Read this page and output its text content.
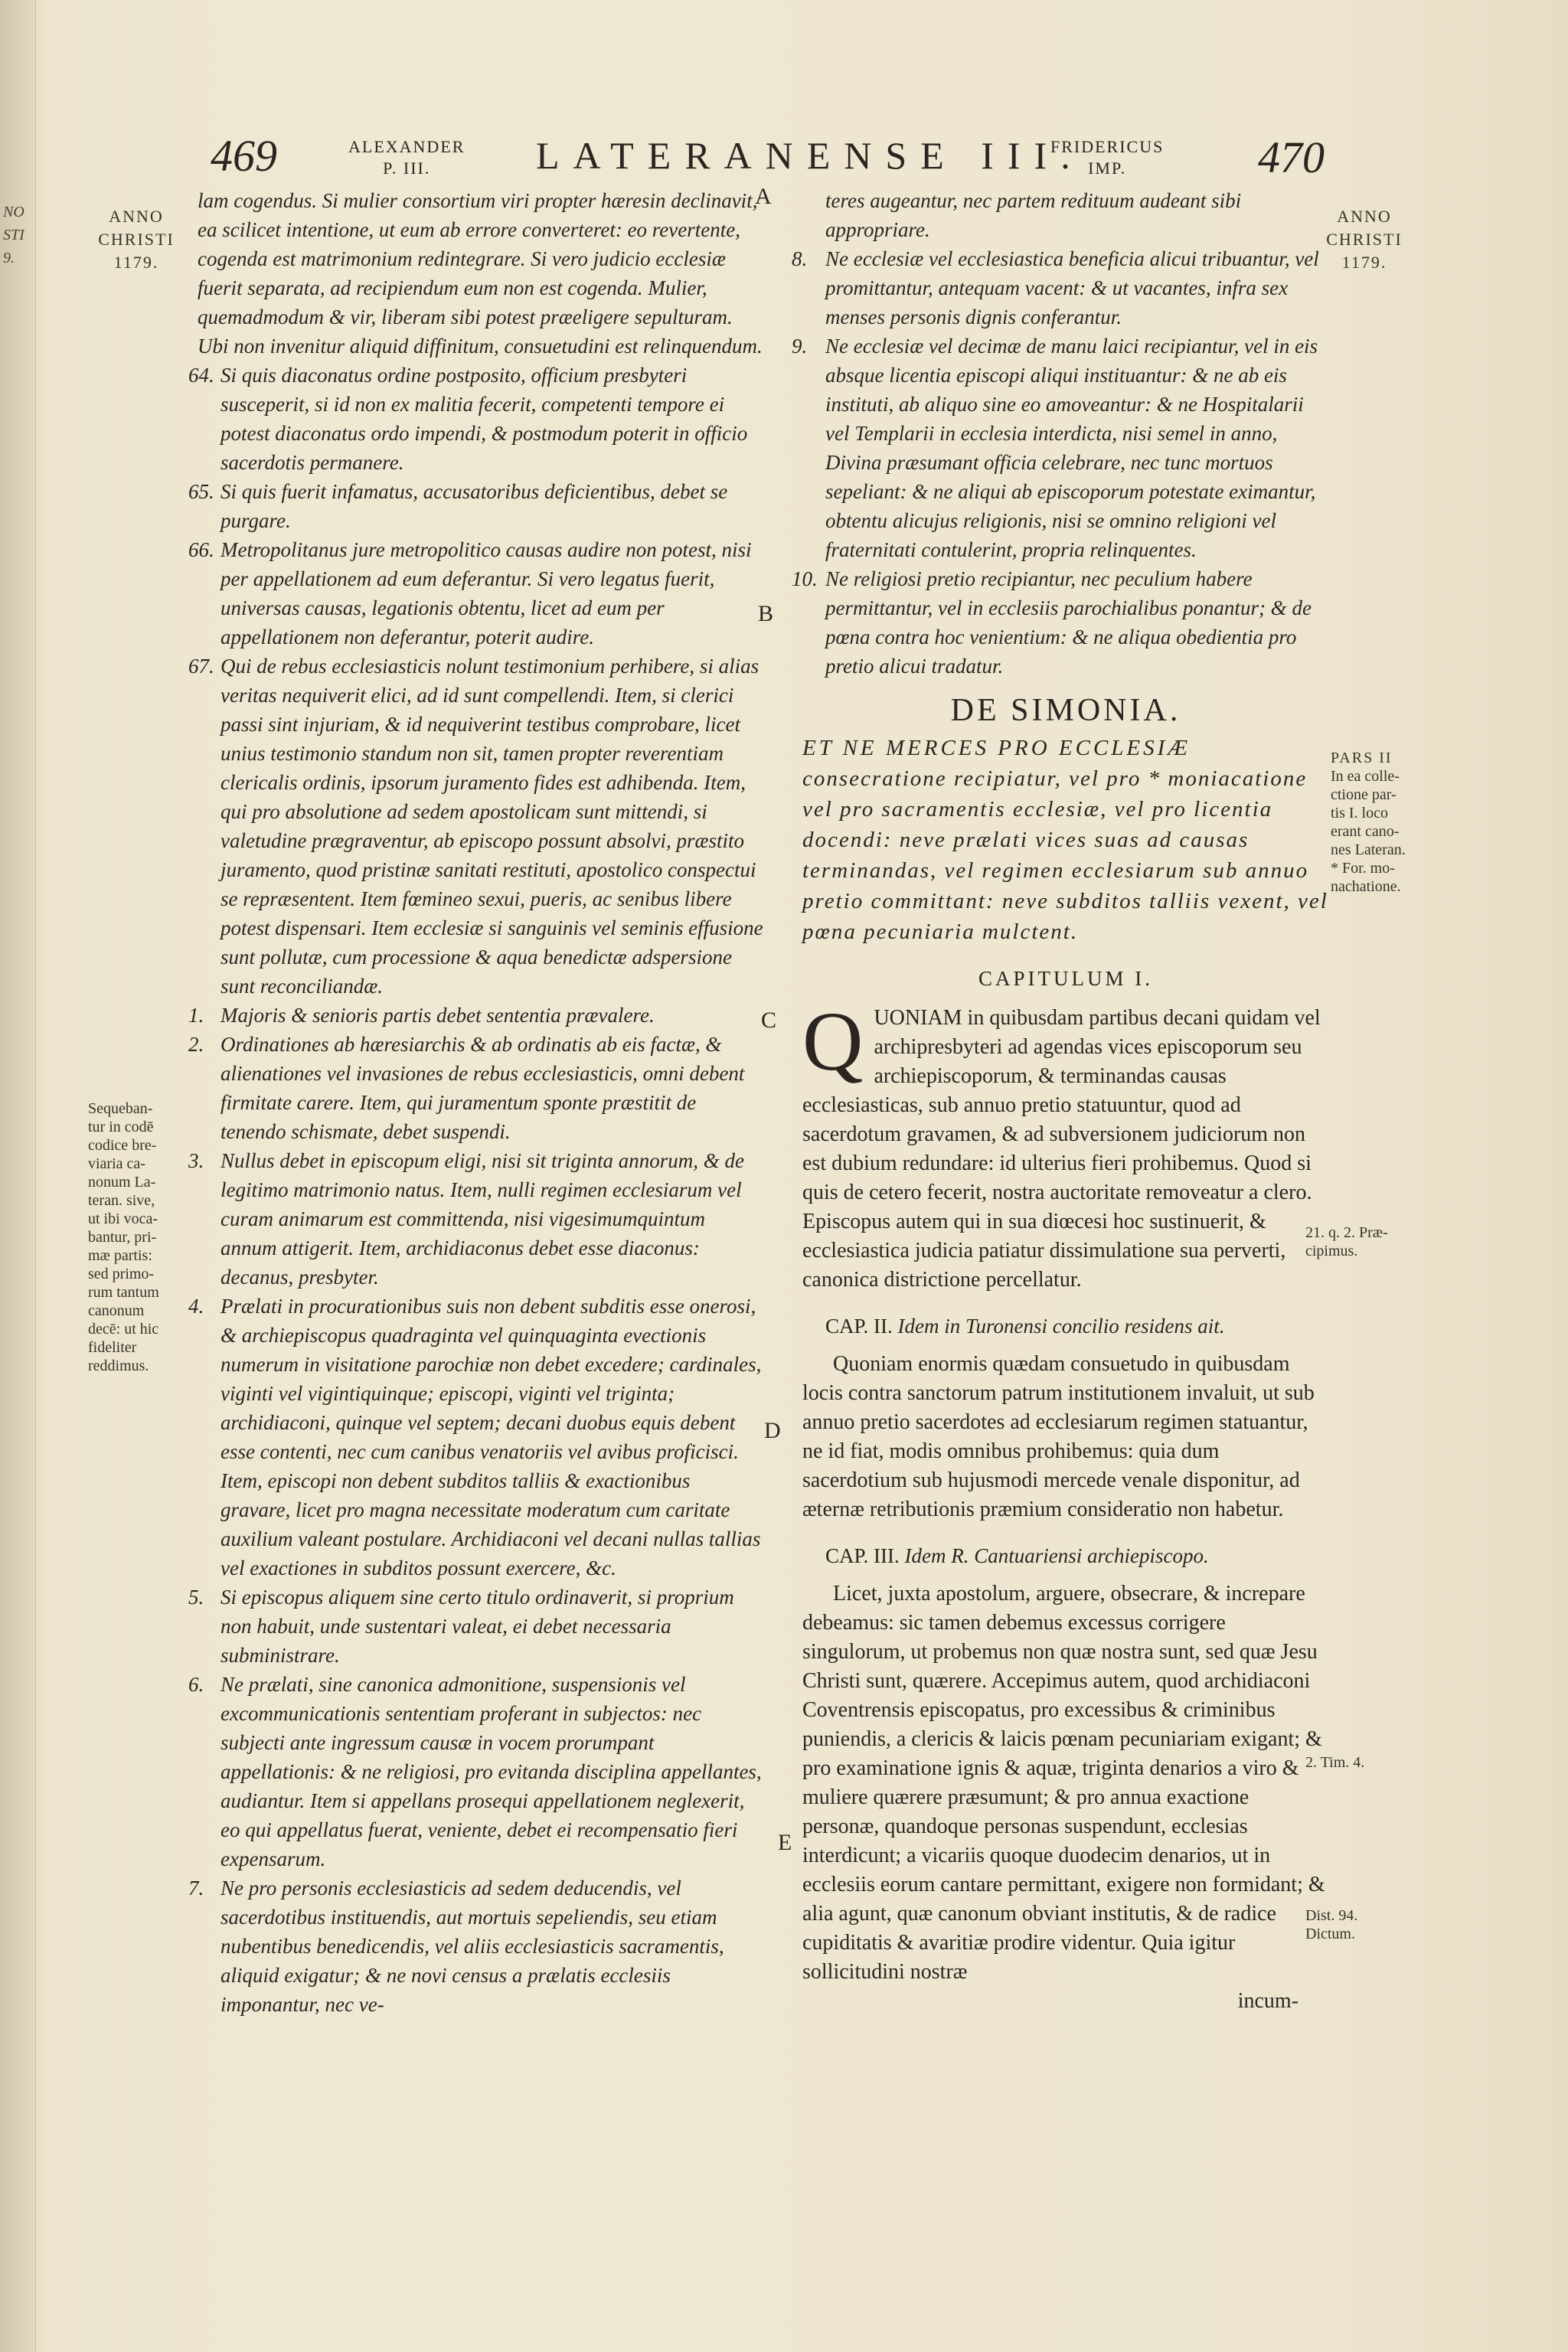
NO
STI
9.
469	ALEXANDER
P. III.	LATERANENSE III.
FRIDERICUS
IMP.	470
ANNO
CHRISTI
1179.
ANNO
CHRISTI
1179.
Sequeban-
tur in codē
codice bre-
viaria ca-
nonum La-
teran. sive,
ut ibi voca-
bantur, pri-
mæ partis:
sed primo-
rum tantum
canonum
decē: ut hic
fideliter
reddimus.
PARS II
In ea colle-
ctione par-
tis I. loco
erant cano-
nes Lateran.
* For. mo-
nachatione.
21. q. 2. Præ-cipimus.
2. Tim. 4.
Dist. 94. Dictum.
A
B
C
D
E

lam cogendus. Si mulier consortium viri propter hæresin declinavit, ea scilicet intentione, ut eum ab errore converteret: eo revertente, cogenda est matrimonium redintegrare. Si vero judicio ecclesiæ fuerit separata, ad recipiendum eum non est cogenda. Mulier, quemadmodum & vir, liberam sibi potest præeligere sepulturam. Ubi non invenitur aliquid diffinitum, consuetudini est relinquendum.

64. Si quis diaconatus ordine postposito, officium presbyteri susceperit, si id non ex malitia fecerit, competenti tempore ei potest diaconatus ordo impendi, & postmodum poterit in officio sacerdotis permanere.

65. Si quis fuerit infamatus, accusatoribus deficientibus, debet se purgare.

66. Metropolitanus jure metropolitico causas audire non potest, nisi per appellationem ad eum deferantur. Si vero legatus fuerit, universas causas, legationis obtentu, licet ad eum per appellationem non deferantur, poterit audire.

67. Qui de rebus ecclesiasticis nolunt testimonium perhibere, si alias veritas nequiverit elici, ad id sunt compellendi. Item, si clerici passi sint injuriam, & id nequiverint testibus comprobare, licet unius testimonio standum non sit, tamen propter reverentiam clericalis ordinis, ipsorum juramento fides est adhibenda. Item, qui pro absolutione ad sedem apostolicam sunt mittendi, si valetudine prægraventur, ab episcopo possunt absolvi, præstito juramento, quod pristinæ sanitati restituti, apostolico conspectui se repræsentent. Item fœmineo sexui, pueris, ac senibus libere potest dispensari. Item ecclesiæ si sanguinis vel seminis effusione sunt pollutæ, cum processione & aqua benedictæ adspersione sunt reconciliandæ.

1. Majoris & senioris partis debet sententia prævalere.

2. Ordinationes ab hæresiarchis & ab ordinatis ab eis factæ, & alienationes vel invasiones de rebus ecclesiasticis, omni debent firmitate carere. Item, qui juramentum sponte præstitit de tenendo schismate, debet suspendi.

3. Nullus debet in episcopum eligi, nisi sit triginta annorum, & de legitimo matrimonio natus. Item, nulli regimen ecclesiarum vel curam animarum est committenda, nisi vigesimumquintum annum attigerit. Item, archidiaconus debet esse diaconus: decanus, presbyter.

4. Prælati in procurationibus suis non debent subditis esse onerosi, & archiepiscopus quadraginta vel quinquaginta evectionis numerum in visitatione parochiæ non debet excedere; cardinales, viginti vel vigintiquinque; episcopi, viginti vel triginta; archidiaconi, quinque vel septem; decani duobus equis debent esse contenti, nec cum canibus venatoriis vel avibus proficisci. Item, episcopi non debent subditos talliis & exactionibus gravare, licet pro magna necessitate moderatum cum caritate auxilium valeant postulare. Archidiaconi vel decani nullas tallias vel exactiones in subditos possunt exercere, &c.

5. Si episcopus aliquem sine certo titulo ordinaverit, si proprium non habuit, unde sustentari valeat, ei debet necessaria subministrare.

6. Ne prælati, sine canonica admonitione, suspensionis vel excommunicationis sententiam proferant in subjectos: nec subjecti ante ingressum causæ in vocem prorumpant appellationis: & ne religiosi, pro evitanda disciplina appellantes, audiantur. Item si appellans prosequi appellationem neglexerit, eo qui appellatus fuerat, veniente, debet ei recompensatio fieri expensarum.

7. Ne pro personis ecclesiasticis ad sedem deducendis, vel sacerdotibus instituendis, aut mortuis sepeliendis, seu etiam nubentibus benedicendis, vel aliis ecclesiasticis sacramentis, aliquid exigatur; & ne novi census a prælatis ecclesiis imponantur, nec ve-

teres augeantur, nec partem redituum audeant sibi appropriare.

8. Ne ecclesiæ vel ecclesiastica beneficia alicui tribuantur, vel promittantur, antequam vacent: & ut vacantes, infra sex menses personis dignis conferantur.

9. Ne ecclesiæ vel decimæ de manu laici recipiantur, vel in eis absque licentia episcopi aliqui instituantur: & ne ab eis instituti, ab aliquo sine eo amoveantur: & ne Hospitalarii vel Templarii in ecclesia interdicta, nisi semel in anno, Divina præsumant officia celebrare, nec tunc mortuos sepeliant: & ne aliqui ab episcoporum potestate eximantur, obtentu alicujus religionis, nisi se omnino religioni vel fraternitati contulerint, propria relinquentes.

10. Ne religiosi pretio recipiantur, nec peculium habere permittantur, vel in ecclesiis parochialibus ponantur; & de pœna contra hoc venientium: & ne aliqua obedientia pro pretio alicui tradatur.

DE SIMONIA.

ET NE MERCES PRO ECCLESIÆ consecratione recipiatur, vel pro * moniacatione vel pro sacramentis ecclesiæ, vel pro licentia docendi: neve prælati vices suas ad causas terminandas, vel regimen ecclesiarum sub annuo pretio committant: neve subditos talliis vexent, vel pœna pecuniaria mulctent.

CAPITULUM I.

Q UONIAM in quibusdam partibus decani quidam vel archipresbyteri ad agendas vices episcoporum seu archiepiscoporum, & terminandas causas ecclesiasticas, sub annuo pretio statuuntur, quod ad sacerdotum gravamen, & ad subversionem judiciorum non est dubium redundare: id ulterius fieri prohibemus. Quod si quis de cetero fecerit, nostra auctoritate removeatur a clero. Episcopus autem qui in sua diœcesi hoc sustinuerit, & ecclesiastica judicia patiatur dissimulatione sua perverti, canonica districtione percellatur.

CAP. II. Idem in Turonensi concilio residens ait.

Quoniam enormis quædam consuetudo in quibusdam locis contra sanctorum patrum institutionem invaluit, ut sub annuo pretio sacerdotes ad ecclesiarum regimen statuantur, ne id fiat, modis omnibus prohibemus: quia dum sacerdotium sub hujusmodi mercede venale disponitur, ad æternæ retributionis præmium consideratio non habetur.

CAP. III. Idem R. Cantuariensi archiepiscopo.

Licet, juxta apostolum, arguere, obsecrare, & increpare debeamus: sic tamen debemus excessus corrigere singulorum, ut probemus non quæ nostra sunt, sed quæ Jesu Christi sunt, quærere. Accepimus autem, quod archidiaconi Coventrensis episcopatus, pro excessibus & criminibus puniendis, a clericis & laicis pœnam pecuniariam exigant; & pro examinatione ignis & aquæ, triginta denarios a viro & muliere quærere præsumunt; & pro annua exactione personæ, quandoque personas suspendunt, ecclesias interdicunt; a vicariis quoque duodecim denarios, ut in ecclesiis eorum cantare permittant, exigere non formidant; & alia agunt, quæ canonum obviant institutis, & de radice cupiditatis & avaritiæ prodire videntur. Quia igitur sollicitudini nostræ

incum-
